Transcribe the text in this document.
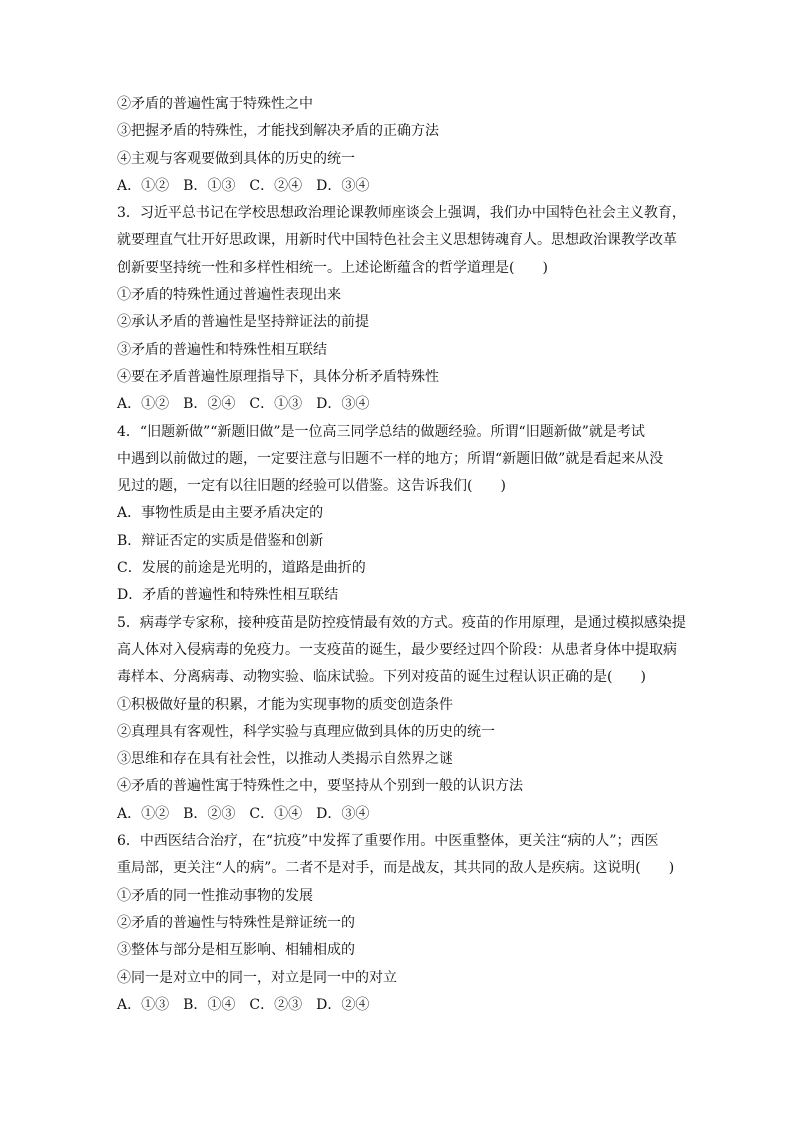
②矛盾的普遍性寓于特殊性之中
③把握矛盾的特殊性，才能找到解决矛盾的正确方法
④主观与客观要做到具体的历史的统一
A．①②　B．①③　C．②④　D．③④
3．习近平总书记在学校思想政治理论课教师座谈会上强调，我们办中国特色社会主义教育，
就要理直气壮开好思政课，用新时代中国特色社会主义思想铸魂育人。思想政治课教学改革
创新要坚持统一性和多样性相统一。上述论断蕴含的哲学道理是(　　)
①矛盾的特殊性通过普遍性表现出来
②承认矛盾的普遍性是坚持辩证法的前提
③矛盾的普遍性和特殊性相互联结
④要在矛盾普遍性原理指导下，具体分析矛盾特殊性
A．①②　B．②④　C．①③　D．③④
4．“旧题新做”“新题旧做”是一位高三同学总结的做题经验。所谓“旧题新做”就是考试
中遇到以前做过的题，一定要注意与旧题不一样的地方；所谓“新题旧做”就是看起来从没
见过的题，一定有以往旧题的经验可以借鉴。这告诉我们(　　)
A．事物性质是由主要矛盾决定的
B．辩证否定的实质是借鉴和创新
C．发展的前途是光明的，道路是曲折的
D．矛盾的普遍性和特殊性相互联结
5．病毒学专家称，接种疫苗是防控疫情最有效的方式。疫苗的作用原理，是通过模拟感染提
高人体对入侵病毒的免疫力。一支疫苗的诞生，最少要经过四个阶段：从患者身体中提取病
毒样本、分离病毒、动物实验、临床试验。下列对疫苗的诞生过程认识正确的是(　　)
①积极做好量的积累，才能为实现事物的质变创造条件
②真理具有客观性，科学实验与真理应做到具体的历史的统一
③思维和存在具有社会性，以推动人类揭示自然界之谜
④矛盾的普遍性寓于特殊性之中，要坚持从个别到一般的认识方法
A．①②　B．②③　C．①④　D．③④
6．中西医结合治疗，在“抗疫”中发挥了重要作用。中医重整体，更关注“病的人”；西医
重局部，更关注“人的病”。二者不是对手，而是战友，其共同的敌人是疾病。这说明(　　)
①矛盾的同一性推动事物的发展
②矛盾的普遍性与特殊性是辩证统一的
③整体与部分是相互影响、相辅相成的
④同一是对立中的同一，对立是同一中的对立
A．①③　B．①④　C．②③　D．②④
